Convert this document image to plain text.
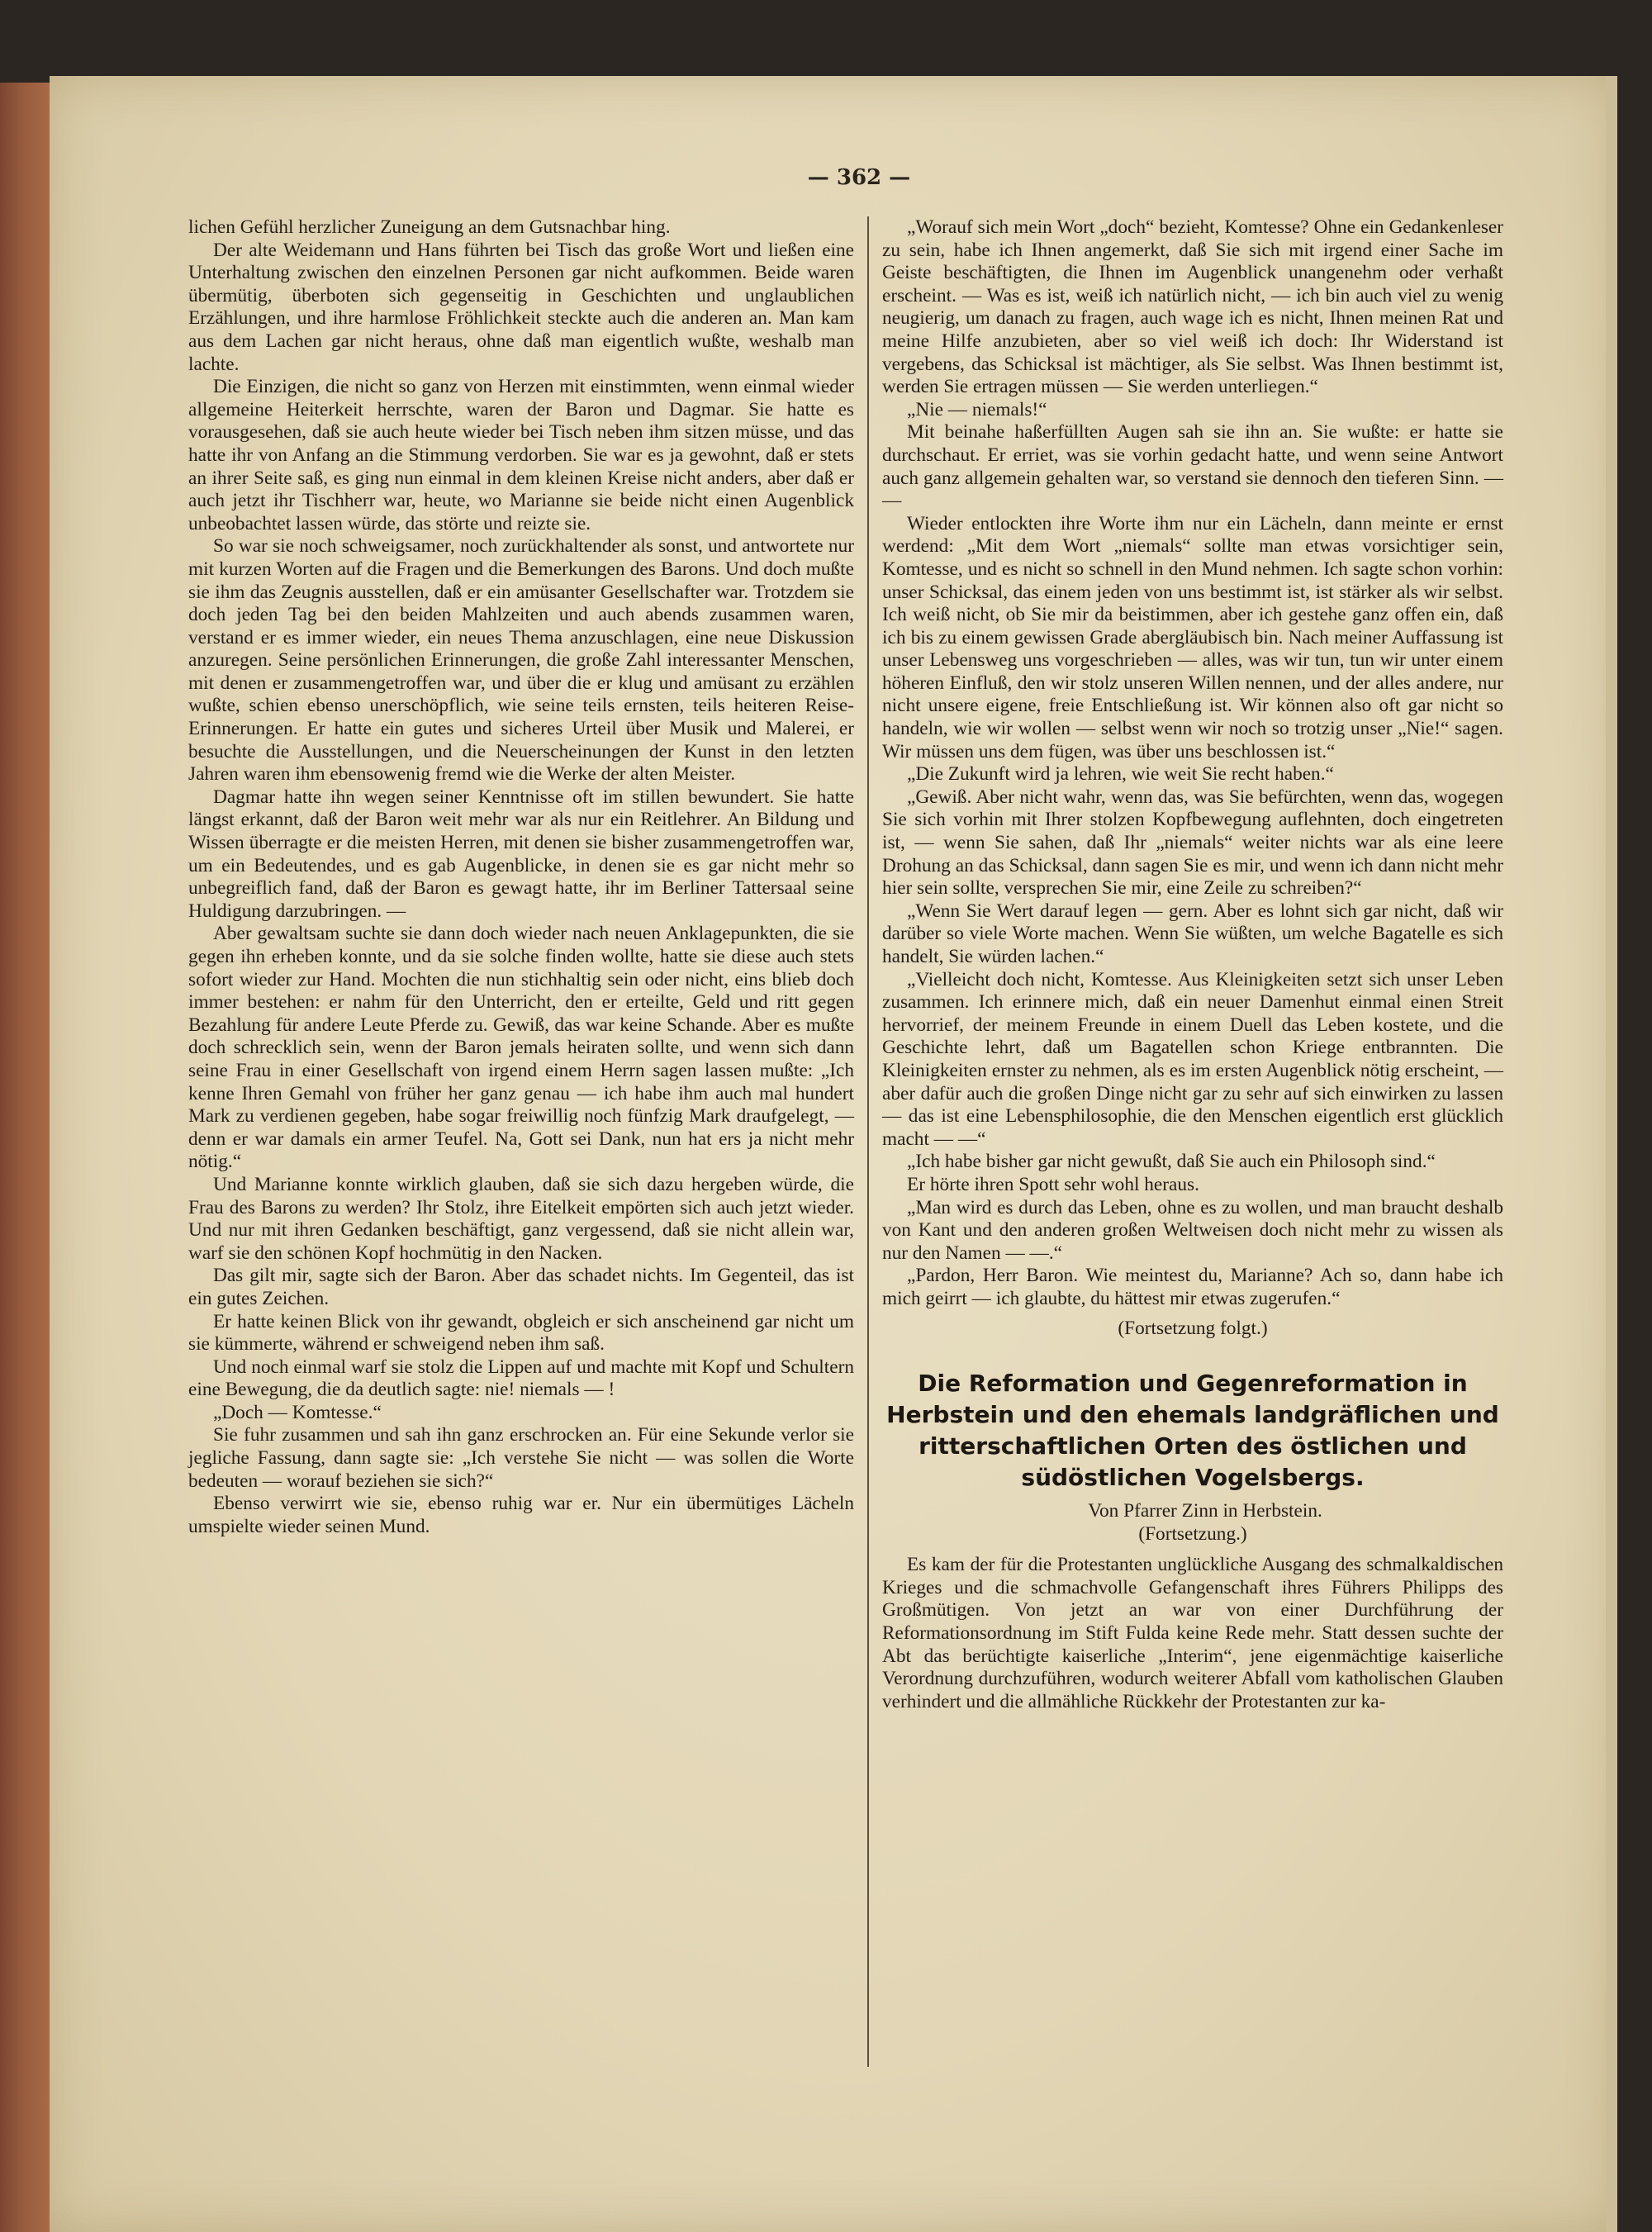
— 362 —

lichen Gefühl herzlicher Zuneigung an dem Gutsnachbar hing.

Der alte Weidemann und Hans führten bei Tisch das große Wort und ließen eine Unterhaltung zwischen den einzelnen Personen gar nicht aufkommen. Beide waren übermütig, überboten sich gegenseitig in Geschichten und unglaublichen Erzählungen, und ihre harmlose Fröhlichkeit steckte auch die anderen an. Man kam aus dem Lachen gar nicht heraus, ohne daß man eigentlich wußte, weshalb man lachte.

Die Einzigen, die nicht so ganz von Herzen mit einstimmten, wenn einmal wieder allgemeine Heiterkeit herrschte, waren der Baron und Dagmar. Sie hatte es vorausgesehen, daß sie auch heute wieder bei Tisch neben ihm sitzen müsse, und das hatte ihr von Anfang an die Stimmung verdorben. Sie war es ja gewohnt, daß er stets an ihrer Seite saß, es ging nun einmal in dem kleinen Kreise nicht anders, aber daß er auch jetzt ihr Tischherr war, heute, wo Marianne sie beide nicht einen Augenblick unbeobachtet lassen würde, das störte und reizte sie.

So war sie noch schweigsamer, noch zurückhaltender als sonst, und antwortete nur mit kurzen Worten auf die Fragen und die Bemerkungen des Barons. Und doch mußte sie ihm das Zeugnis ausstellen, daß er ein amüsanter Gesellschafter war. Trotzdem sie doch jeden Tag bei den beiden Mahlzeiten und auch abends zusammen waren, verstand er es immer wieder, ein neues Thema anzuschlagen, eine neue Diskussion anzuregen. Seine persönlichen Erinnerungen, die große Zahl interessanter Menschen, mit denen er zusammengetroffen war, und über die er klug und amüsant zu erzählen wußte, schien ebenso unerschöpflich, wie seine teils ernsten, teils heiteren Reise-Erinnerungen. Er hatte ein gutes und sicheres Urteil über Musik und Malerei, er besuchte die Ausstellungen, und die Neuerscheinungen der Kunst in den letzten Jahren waren ihm ebensowenig fremd wie die Werke der alten Meister.

Dagmar hatte ihn wegen seiner Kenntnisse oft im stillen bewundert. Sie hatte längst erkannt, daß der Baron weit mehr war als nur ein Reitlehrer. An Bildung und Wissen überragte er die meisten Herren, mit denen sie bisher zusammengetroffen war, um ein Bedeutendes, und es gab Augenblicke, in denen sie es gar nicht mehr so unbegreiflich fand, daß der Baron es gewagt hatte, ihr im Berliner Tattersaal seine Huldigung darzubringen. —

Aber gewaltsam suchte sie dann doch wieder nach neuen Anklagepunkten, die sie gegen ihn erheben konnte, und da sie solche finden wollte, hatte sie diese auch stets sofort wieder zur Hand. Mochten die nun stichhaltig sein oder nicht, eins blieb doch immer bestehen: er nahm für den Unterricht, den er erteilte, Geld und ritt gegen Bezahlung für andere Leute Pferde zu. Gewiß, das war keine Schande. Aber es mußte doch schrecklich sein, wenn der Baron jemals heiraten sollte, und wenn sich dann seine Frau in einer Gesellschaft von irgend einem Herrn sagen lassen mußte: „Ich kenne Ihren Gemahl von früher her ganz genau — ich habe ihm auch mal hundert Mark zu verdienen gegeben, habe sogar freiwillig noch fünfzig Mark draufgelegt, — denn er war damals ein armer Teufel. Na, Gott sei Dank, nun hat ers ja nicht mehr nötig.“

Und Marianne konnte wirklich glauben, daß sie sich dazu hergeben würde, die Frau des Barons zu werden? Ihr Stolz, ihre Eitelkeit empörten sich auch jetzt wieder. Und nur mit ihren Gedanken beschäftigt, ganz vergessend, daß sie nicht allein war, warf sie den schönen Kopf hochmütig in den Nacken.

Das gilt mir, sagte sich der Baron. Aber das schadet nichts. Im Gegenteil, das ist ein gutes Zeichen.

Er hatte keinen Blick von ihr gewandt, obgleich er sich anscheinend gar nicht um sie kümmerte, während er schweigend neben ihm saß.

Und noch einmal warf sie stolz die Lippen auf und machte mit Kopf und Schultern eine Bewegung, die da deutlich sagte: nie! niemals — !

„Doch — Komtesse.“

Sie fuhr zusammen und sah ihn ganz erschrocken an. Für eine Sekunde verlor sie jegliche Fassung, dann sagte sie: „Ich verstehe Sie nicht — was sollen die Worte bedeuten — worauf beziehen sie sich?“

Ebenso verwirrt wie sie, ebenso ruhig war er. Nur ein übermütiges Lächeln umspielte wieder seinen Mund.

„Worauf sich mein Wort „doch“ bezieht, Komtesse? Ohne ein Gedankenleser zu sein, habe ich Ihnen angemerkt, daß Sie sich mit irgend einer Sache im Geiste beschäftigten, die Ihnen im Augenblick unangenehm oder verhaßt erscheint. — Was es ist, weiß ich natürlich nicht, — ich bin auch viel zu wenig neugierig, um danach zu fragen, auch wage ich es nicht, Ihnen meinen Rat und meine Hilfe anzubieten, aber so viel weiß ich doch: Ihr Widerstand ist vergebens, das Schicksal ist mächtiger, als Sie selbst. Was Ihnen bestimmt ist, werden Sie ertragen müssen — Sie werden unterliegen.“

„Nie — niemals!“

Mit beinahe haßerfüllten Augen sah sie ihn an. Sie wußte: er hatte sie durchschaut. Er erriet, was sie vorhin gedacht hatte, und wenn seine Antwort auch ganz allgemein gehalten war, so verstand sie dennoch den tieferen Sinn. — —

Wieder entlockten ihre Worte ihm nur ein Lächeln, dann meinte er ernst werdend: „Mit dem Wort „niemals“ sollte man etwas vorsichtiger sein, Komtesse, und es nicht so schnell in den Mund nehmen. Ich sagte schon vorhin: unser Schicksal, das einem jeden von uns bestimmt ist, ist stärker als wir selbst. Ich weiß nicht, ob Sie mir da beistimmen, aber ich gestehe ganz offen ein, daß ich bis zu einem gewissen Grade abergläubisch bin. Nach meiner Auffassung ist unser Lebensweg uns vorgeschrieben — alles, was wir tun, tun wir unter einem höheren Einfluß, den wir stolz unseren Willen nennen, und der alles andere, nur nicht unsere eigene, freie Entschließung ist. Wir können also oft gar nicht so handeln, wie wir wollen — selbst wenn wir noch so trotzig unser „Nie!“ sagen. Wir müssen uns dem fügen, was über uns beschlossen ist.“

„Die Zukunft wird ja lehren, wie weit Sie recht haben.“

„Gewiß. Aber nicht wahr, wenn das, was Sie befürchten, wenn das, wogegen Sie sich vorhin mit Ihrer stolzen Kopfbewegung auflehnten, doch eingetreten ist, — wenn Sie sahen, daß Ihr „niemals“ weiter nichts war als eine leere Drohung an das Schicksal, dann sagen Sie es mir, und wenn ich dann nicht mehr hier sein sollte, versprechen Sie mir, eine Zeile zu schreiben?“

„Wenn Sie Wert darauf legen — gern. Aber es lohnt sich gar nicht, daß wir darüber so viele Worte machen. Wenn Sie wüßten, um welche Bagatelle es sich handelt, Sie würden lachen.“

„Vielleicht doch nicht, Komtesse. Aus Kleinigkeiten setzt sich unser Leben zusammen. Ich erinnere mich, daß ein neuer Damenhut einmal einen Streit hervorrief, der meinem Freunde in einem Duell das Leben kostete, und die Geschichte lehrt, daß um Bagatellen schon Kriege entbrannten. Die Kleinigkeiten ernster zu nehmen, als es im ersten Augenblick nötig erscheint, — aber dafür auch die großen Dinge nicht gar zu sehr auf sich einwirken zu lassen — das ist eine Lebensphilosophie, die den Menschen eigentlich erst glücklich macht — —“

„Ich habe bisher gar nicht gewußt, daß Sie auch ein Philosoph sind.“

Er hörte ihren Spott sehr wohl heraus.

„Man wird es durch das Leben, ohne es zu wollen, und man braucht deshalb von Kant und den anderen großen Weltweisen doch nicht mehr zu wissen als nur den Namen — —.“

„Pardon, Herr Baron. Wie meintest du, Marianne? Ach so, dann habe ich mich geirrt — ich glaubte, du hättest mir etwas zugerufen.“

(Fortsetzung folgt.)

Die Reformation und Gegenreformation in Herbstein und den ehemals landgräflichen und ritterschaftlichen Orten des östlichen und südöstlichen Vogelsbergs.

Von Pfarrer Zinn in Herbstein.

(Fortsetzung.)

Es kam der für die Protestanten unglückliche Ausgang des schmalkaldischen Krieges und die schmachvolle Gefangenschaft ihres Führers Philipps des Großmütigen. Von jetzt an war von einer Durchführung der Reformationsordnung im Stift Fulda keine Rede mehr. Statt dessen suchte der Abt das berüchtigte kaiserliche „Interim“, jene eigenmächtige kaiserliche Verordnung durchzuführen, wodurch weiterer Abfall vom katholischen Glauben verhindert und die allmähliche Rückkehr der Protestanten zur ka-
